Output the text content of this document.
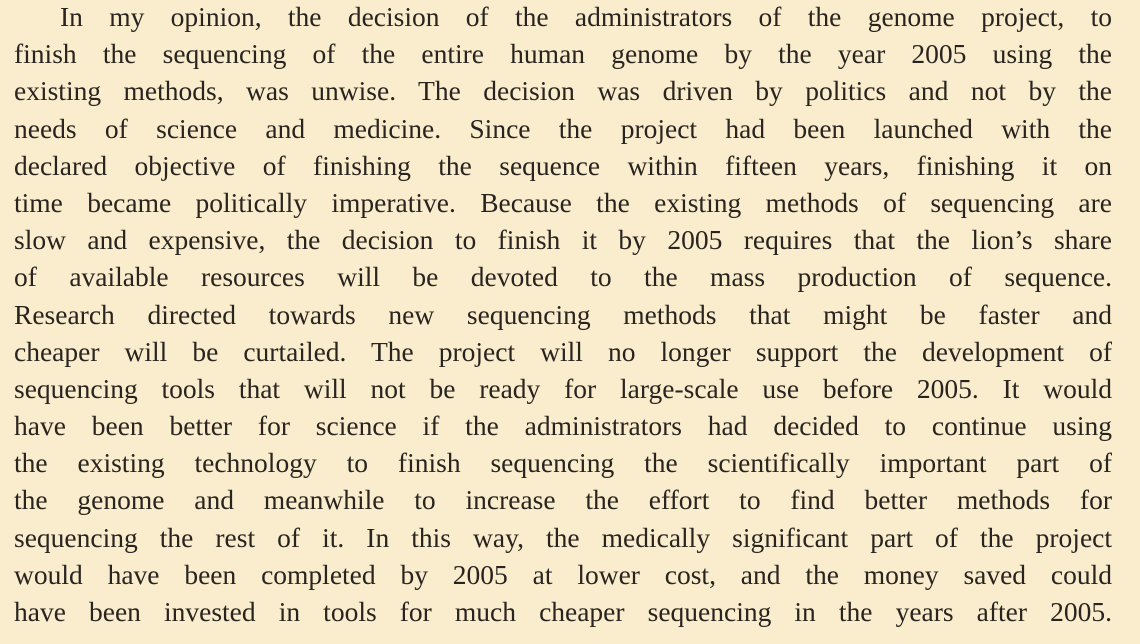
In my opinion, the decision of the administrators of the genome project, to
finish the sequencing of the entire human genome by the year 2005 using the
existing methods, was unwise. The decision was driven by politics and not by the
needs of science and medicine. Since the project had been launched with the
declared objective of finishing the sequence within fifteen years, finishing it on
time became politically imperative. Because the existing methods of sequencing are
slow and expensive, the decision to finish it by 2005 requires that the lion’s share
of available resources will be devoted to the mass production of sequence.
Research directed towards new sequencing methods that might be faster and
cheaper will be curtailed. The project will no longer support the development of
sequencing tools that will not be ready for large-scale use before 2005. It would
have been better for science if the administrators had decided to continue using
the existing technology to finish sequencing the scientifically important part of
the genome and meanwhile to increase the effort to find better methods for
sequencing the rest of it. In this way, the medically significant part of the project
would have been completed by 2005 at lower cost, and the money saved could
have been invested in tools for much cheaper sequencing in the years after 2005.
